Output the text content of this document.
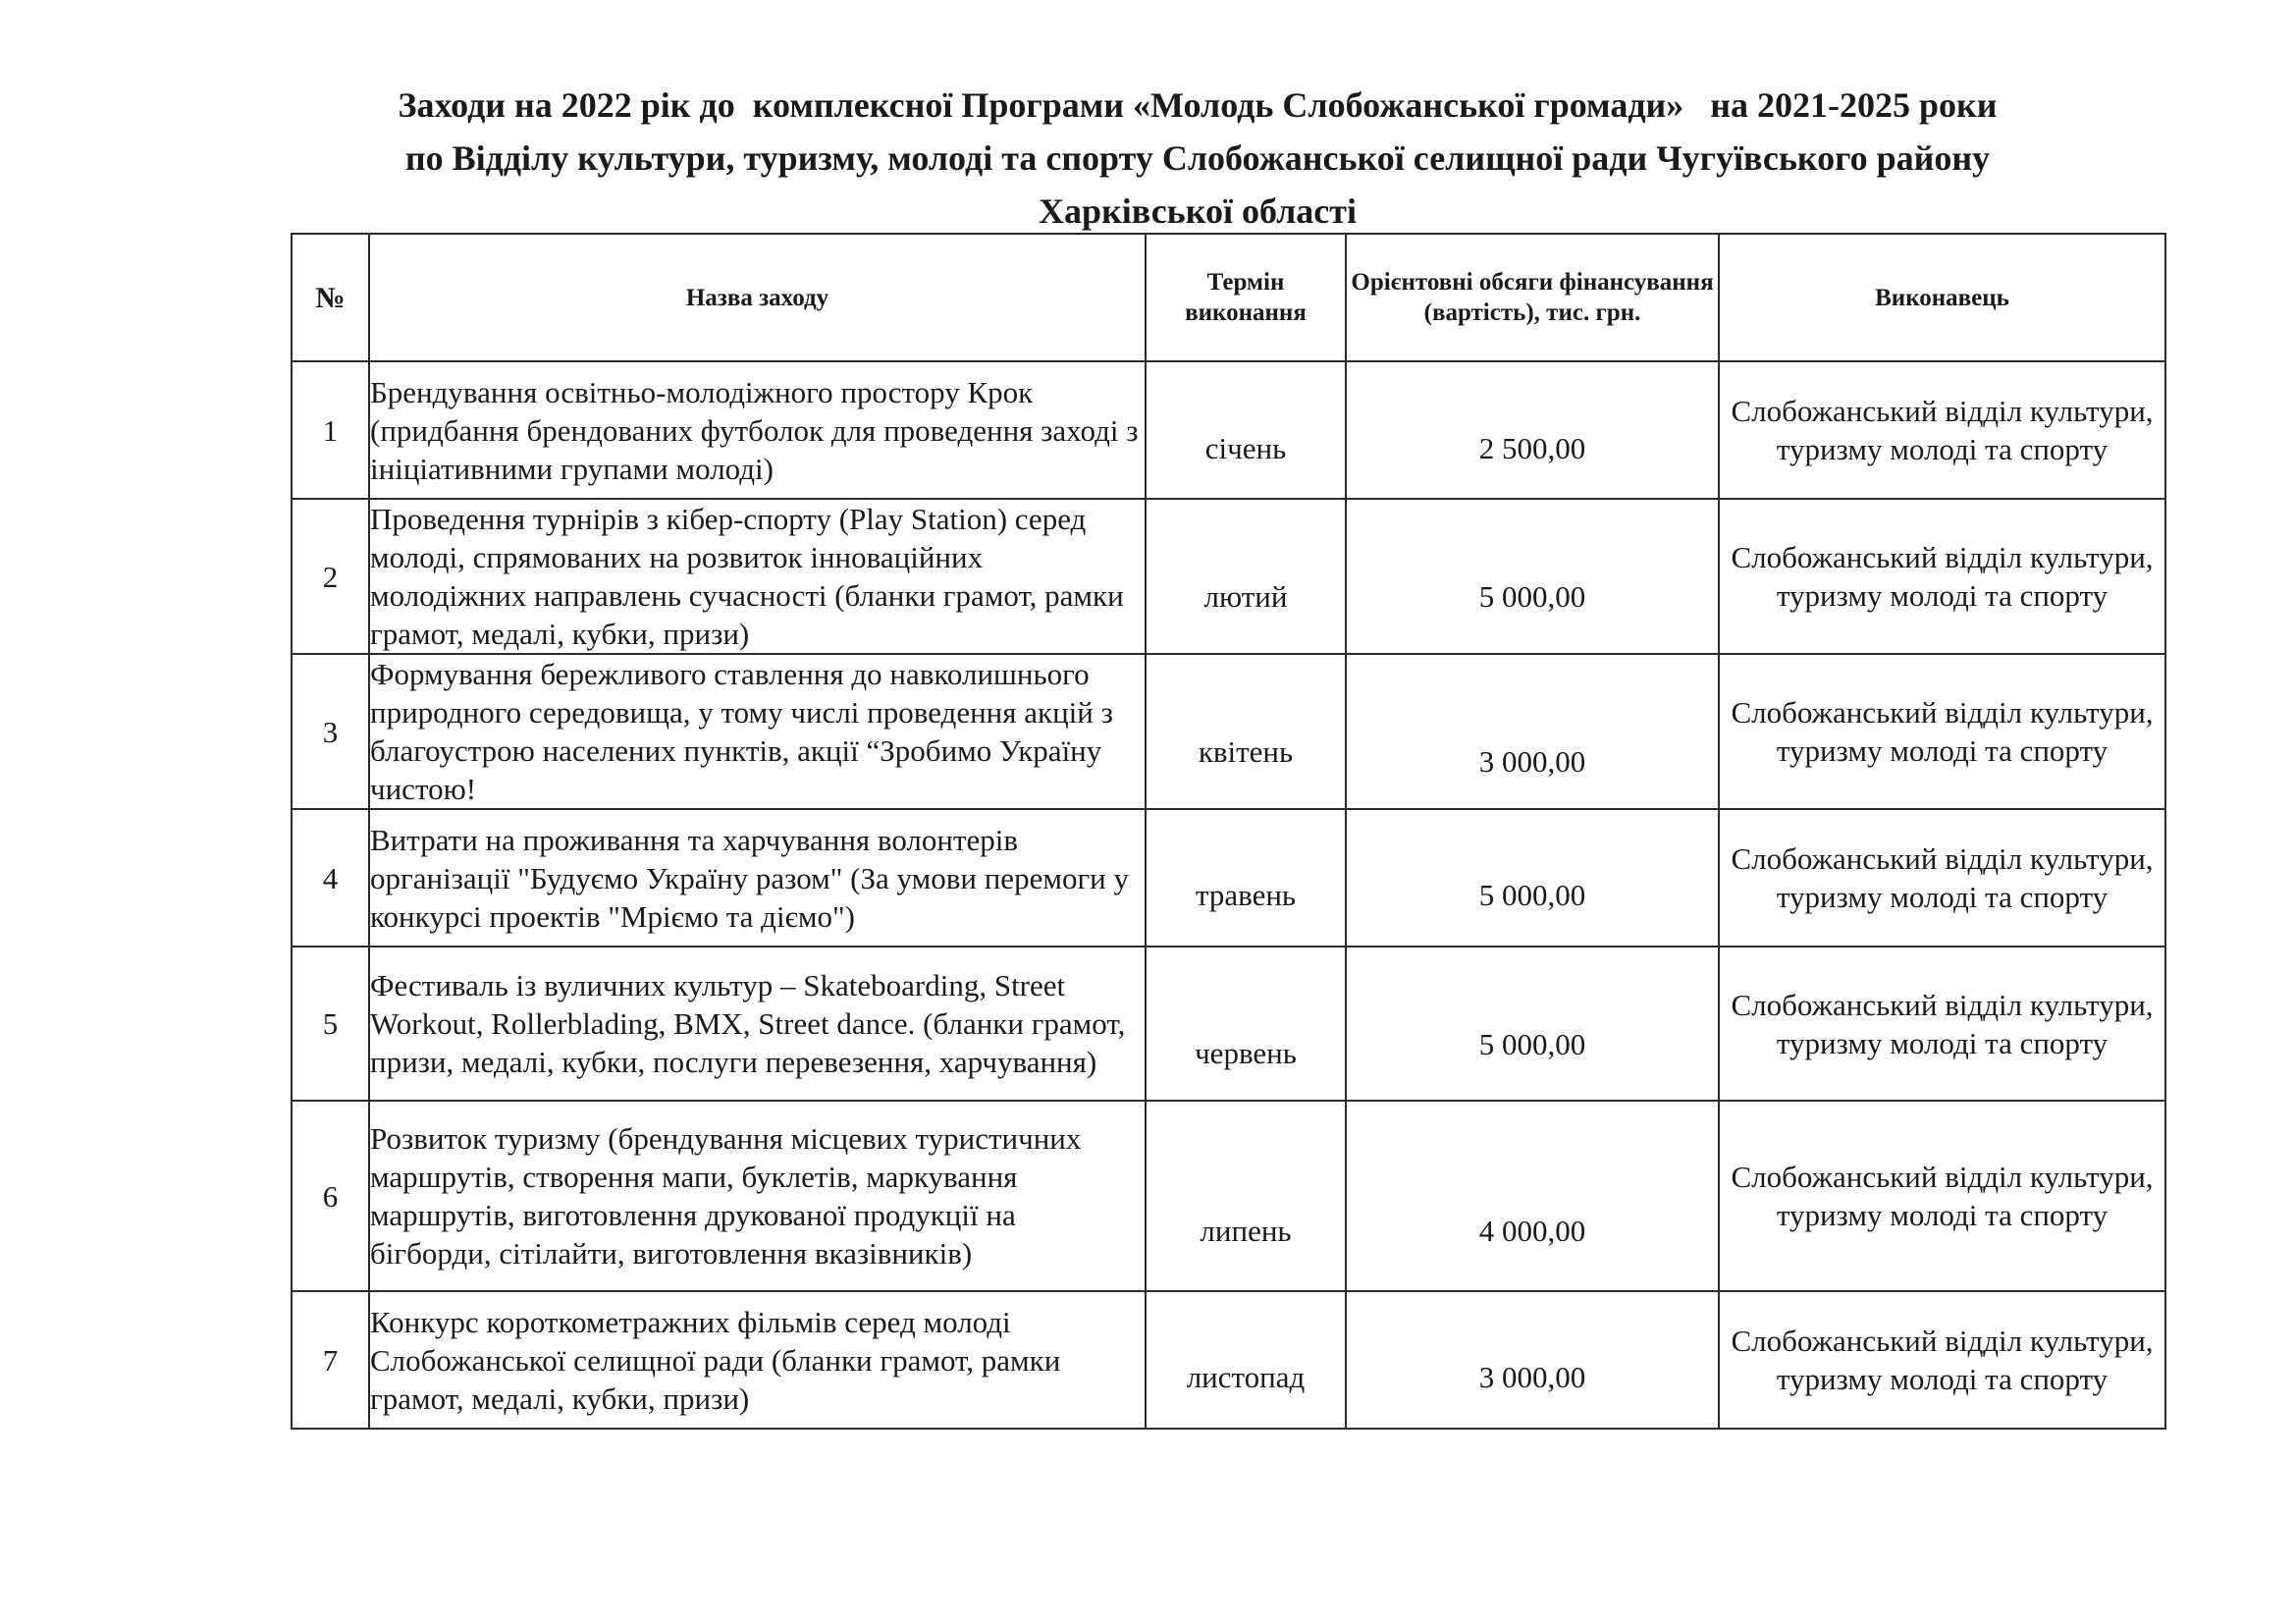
Заходи на 2022 рік до  комплексної Програми «Молодь Слобожанської громади»   на 2021-2025 роки
по Відділу культури, туризму, молоді та спорту Слобожанської селищної ради Чугуївського району
Харківської області
№	Назва заходу	Термін виконання	Орієнтовні обсяги фінансування (вартість), тис. грн.	Виконавець
1	Брендування освітньо-молодіжного простору Крок (придбання брендованих футболок для проведення заході з ініціативними групами молоді)	січень	2 500,00	Слобожанський відділ культури, туризму молоді та спорту
2	Проведення турнірів з кібер-спорту (Play Station) серед молоді, спрямованих на розвиток інноваційних молодіжних направлень сучасності (бланки грамот, рамки грамот, медалі, кубки, призи)	лютий	5 000,00	Слобожанський відділ культури, туризму молоді та спорту
3	Формування бережливого ставлення до навколишнього природного середовища, у тому числі проведення акцій з благоустрою населених пунктів, акції “Зробимо Україну чистою!	квітень	3 000,00	Слобожанський відділ культури, туризму молоді та спорту
4	Витрати на проживання та харчування волонтерів організації "Будуємо Україну разом" (За умови перемоги у конкурсі проектів "Мріємо та діємо")	травень	5 000,00	Слобожанський відділ культури, туризму молоді та спорту
5	Фестиваль із вуличних культур – Skateboarding, Street Workout, Rollerblading, BMX, Street dance. (бланки грамот, призи, медалі, кубки, послуги перевезення, харчування)	червень	5 000,00	Слобожанський відділ культури, туризму молоді та спорту
6	Розвиток туризму (брендування місцевих туристичних маршрутів, створення мапи, буклетів, маркування маршрутів, виготовлення друкованої продукції на бігборди, сітілайти, виготовлення вказівників)	липень	4 000,00	Слобожанський відділ культури, туризму молоді та спорту
7	Конкурс короткометражних фільмів серед молоді Слобожанської селищної ради (бланки грамот, рамки грамот, медалі, кубки, призи)	листопад	3 000,00	Слобожанський відділ культури, туризму молоді та спорту
